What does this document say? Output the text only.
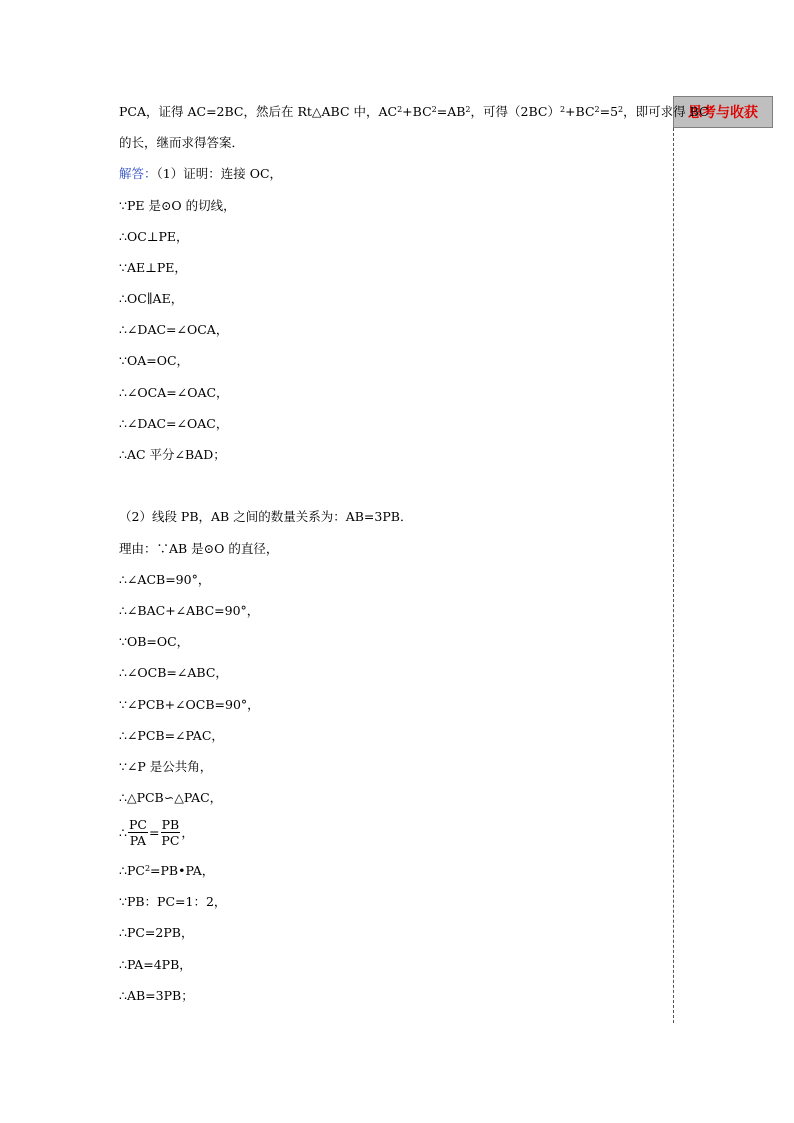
思考与收获
PCA，证得 AC=2BC，然后在 Rt△ABC 中，$AC^2+BC^2=AB^2$，可得$(2BC)^2+BC^2=5^2$，即可求得 BC
的长，继而求得答案．
解答：（1）证明：连接 OC，
∵PE 是⊙O 的切线，
∴OC⊥PE，
∵AE⊥PE，
∴OC∥AE，
∴∠DAC=∠OCA，
∵OA=OC，
∴∠OCA=∠OAC，
∴∠DAC=∠OAC，
∴AC 平分∠BAD；
（2）线段 PB，AB 之间的数量关系为：AB=3PB．
理由：∵AB 是⊙O 的直径，
∴∠ACB=90°，
∴∠BAC+∠ABC=90°，
∵OB=OC，
∴∠OCB=∠ABC，
∵∠PCB+∠OCB=90°，
∴∠PCB=∠PAC，
∵∠P 是公共角，
∴△PCB∽△PAC，
∴ $\frac{PC}{PA} = \frac{PB}{PC}$ ，
$\therefore PC^2=PB•PA$，
∵PB：PC=1：2，
∴PC=2PB，
∴PA=4PB，
∴AB=3PB；
